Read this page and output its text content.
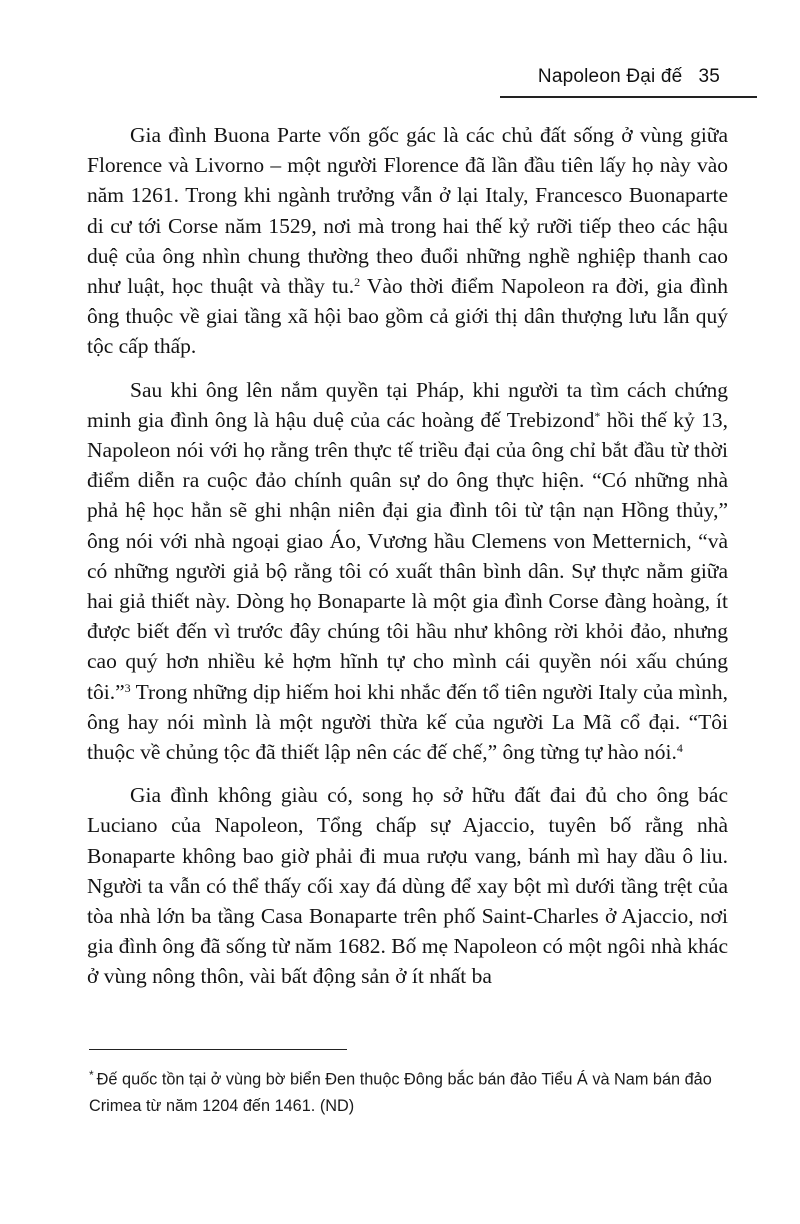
Napoleon Đại đế 35

Gia đình Buona Parte vốn gốc gác là các chủ đất sống ở vùng giữa Florence và Livorno – một người Florence đã lần đầu tiên lấy họ này vào năm 1261. Trong khi ngành trưởng vẫn ở lại Italy, Francesco Buonaparte di cư tới Corse năm 1529, nơi mà trong hai thế kỷ rưỡi tiếp theo các hậu duệ của ông nhìn chung thường theo đuổi những nghề nghiệp thanh cao như luật, học thuật và thầy tu.$^2$ Vào thời điểm Napoleon ra đời, gia đình ông thuộc về giai tầng xã hội bao gồm cả giới thị dân thượng lưu lẫn quý tộc cấp thấp.

Sau khi ông lên nắm quyền tại Pháp, khi người ta tìm cách chứng minh gia đình ông là hậu duệ của các hoàng đế Trebizond* hồi thế kỷ 13, Napoleon nói với họ rằng trên thực tế triều đại của ông chỉ bắt đầu từ thời điểm diễn ra cuộc đảo chính quân sự do ông thực hiện. “Có những nhà phả hệ học hẳn sẽ ghi nhận niên đại gia đình tôi từ tận nạn Hồng thủy,” ông nói với nhà ngoại giao Áo, Vương hầu Clemens von Metternich, “và có những người giả bộ rằng tôi có xuất thân bình dân. Sự thực nằm giữa hai giả thiết này. Dòng họ Bonaparte là một gia đình Corse đàng hoàng, ít được biết đến vì trước đây chúng tôi hầu như không rời khỏi đảo, nhưng cao quý hơn nhiều kẻ hợm hĩnh tự cho mình cái quyền nói xấu chúng tôi.”$^3$ Trong những dịp hiếm hoi khi nhắc đến tổ tiên người Italy của mình, ông hay nói mình là một người thừa kế của người La Mã cổ đại. “Tôi thuộc về chủng tộc đã thiết lập nên các đế chế,” ông từng tự hào nói.$^4$

Gia đình không giàu có, song họ sở hữu đất đai đủ cho ông bác Luciano của Napoleon, Tổng chấp sự Ajaccio, tuyên bố rằng nhà Bonaparte không bao giờ phải đi mua rượu vang, bánh mì hay dầu ô liu. Người ta vẫn có thể thấy cối xay đá dùng để xay bột mì dưới tầng trệt của tòa nhà lớn ba tầng Casa Bonaparte trên phố Saint-Charles ở Ajaccio, nơi gia đình ông đã sống từ năm 1682. Bố mẹ Napoleon có một ngôi nhà khác ở vùng nông thôn, vài bất động sản ở ít nhất ba

* Đế quốc tồn tại ở vùng bờ biển Đen thuộc Đông bắc bán đảo Tiểu Á và Nam bán đảo Crimea từ năm 1204 đến 1461. (ND)
